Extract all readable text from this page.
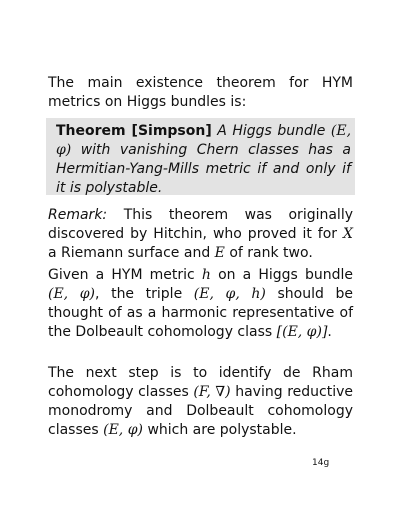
The main existence theorem for HYM metrics on Higgs bundles is:
Theorem [Simpson] A Higgs bundle (E, φ) with vanishing Chern classes has a Hermitian-Yang-Mills metric if and only if it is polystable.
Remark: This theorem was originally discovered by Hitchin, who proved it for X a Riemann surface and E of rank two.
Given a HYM metric h on a Higgs bundle (E, φ), the triple (E, φ, h) should be thought of as a harmonic representative of the Dolbeault cohomology class [(E, φ)].
The next step is to identify de Rham cohomology classes (F, ∇) having reductive monodromy and Dolbeault cohomology classes (E, φ) which are polystable.
14g
